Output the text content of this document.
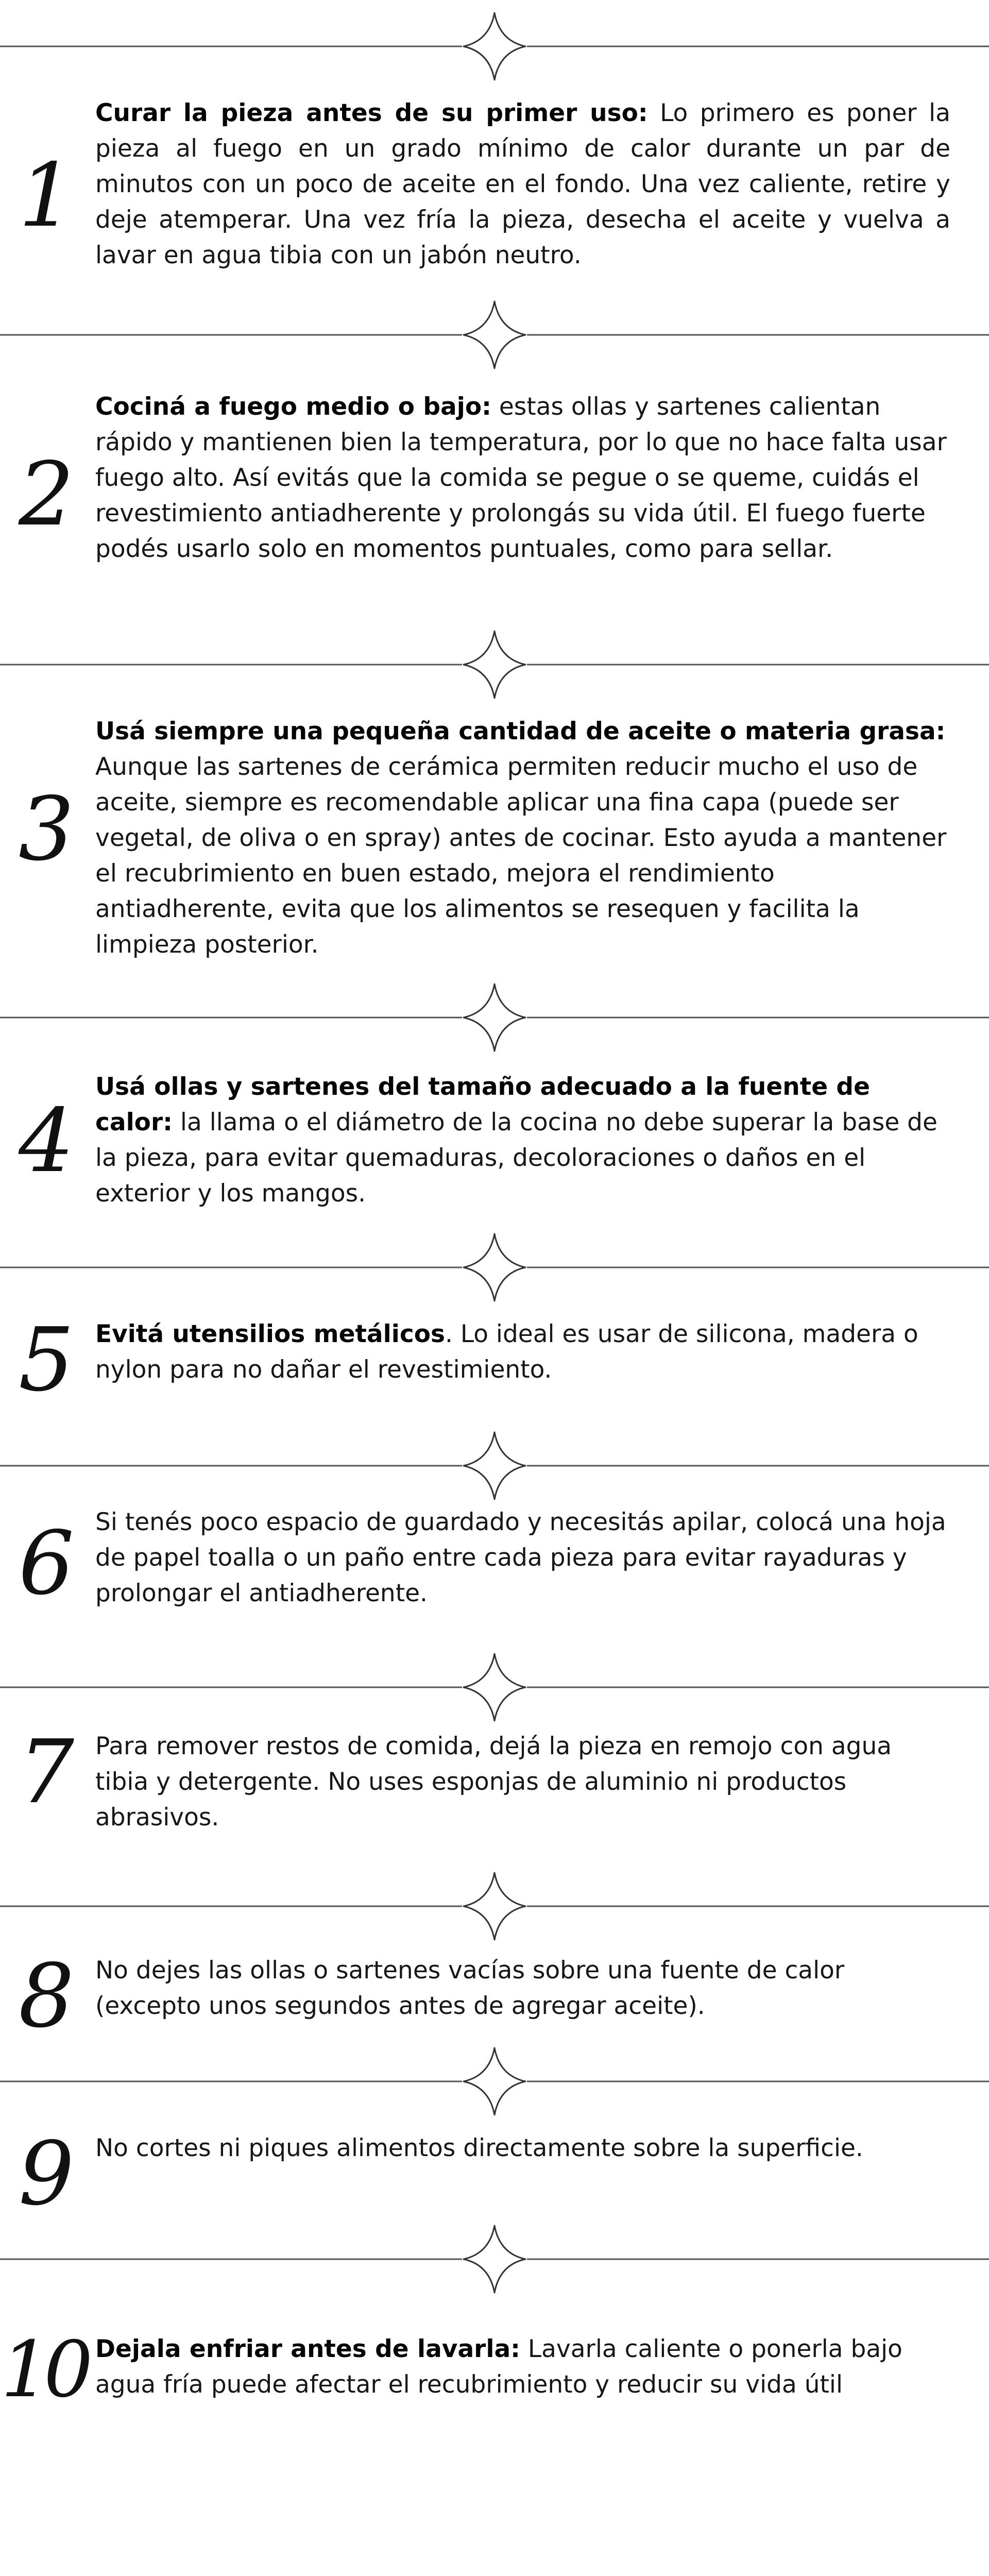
1

Curar la pieza antes de su primer uso: Lo primero es poner la pieza al fuego en un grado mínimo de calor durante un par de minutos con un poco de aceite en el fondo. Una vez caliente, retire y deje atemperar. Una vez fría la pieza, desecha el aceite y vuelva a lavar en agua tibia con un jabón neutro.

2

Cociná a fuego medio o bajo: estas ollas y sartenes calientan rápido y mantienen bien la temperatura, por lo que no hace falta usar fuego alto. Así evitás que la comida se pegue o se queme, cuidás el revestimiento antiadherente y prolongás su vida útil. El fuego fuerte podés usarlo solo en momentos puntuales, como para sellar.

3

Usá siempre una pequeña cantidad de aceite o materia grasa: Aunque las sartenes de cerámica permiten reducir mucho el uso de aceite, siempre es recomendable aplicar una fina capa (puede ser vegetal, de oliva o en spray) antes de cocinar. Esto ayuda a mantener el recubrimiento en buen estado, mejora el rendimiento antiadherente, evita que los alimentos se resequen y facilita la limpieza posterior.

4

Usá ollas y sartenes del tamaño adecuado a la fuente de calor: la llama o el diámetro de la cocina no debe superar la base de la pieza, para evitar quemaduras, decoloraciones o daños en el exterior y los mangos.

5 Evitá utensilios metálicos. Lo ideal es usar de silicona, madera o nylon para no dañar el revestimiento.

6 Si tenés poco espacio de guardado y necesitás apilar, colocá una hoja de papel toalla o un paño entre cada pieza para evitar rayaduras y prolongar el antiadherente.

7 Para remover restos de comida, dejá la pieza en remojo con agua tibia y detergente. No uses esponjas de aluminio ni productos abrasivos.

8 No dejes las ollas o sartenes vacías sobre una fuente de calor (excepto unos segundos antes de agregar aceite).

9 No cortes ni piques alimentos directamente sobre la superficie.

10 Dejala enfriar antes de lavarla: Lavarla caliente o ponerla bajo agua fría puede afectar el recubrimiento y reducir su vida útil
